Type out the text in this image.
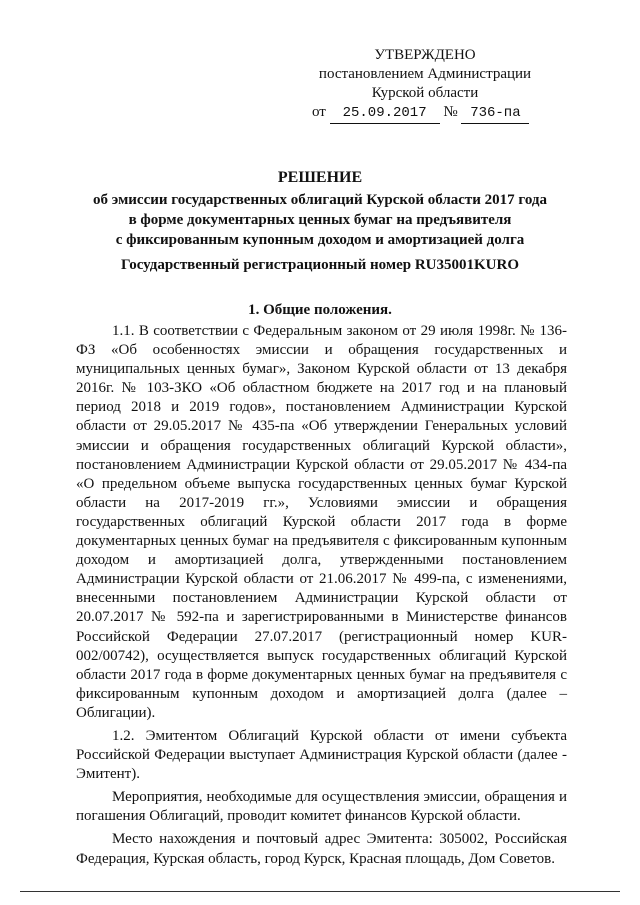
УТВЕРЖДЕНО
постановлением Администрации
Курской области
от 25.09.2017 № 736-па
РЕШЕНИЕ
об эмиссии государственных облигаций Курской области 2017 года
в форме документарных ценных бумаг на предъявителя
с фиксированным купонным доходом и амортизацией долга
Государственный регистрационный номер RU35001KURO
1. Общие положения.

1.1. В соответствии с Федеральным законом от 29 июля 1998г. № 136-ФЗ «Об особенностях эмиссии и обращения государственных и муниципальных ценных бумаг», Законом Курской области от 13 декабря 2016г. № 103-ЗКО «Об областном бюджете на 2017 год и на плановый период 2018 и 2019 годов», постановлением Администрации Курской области от 29.05.2017 № 435-па «Об утверждении Генеральных условий эмиссии и обращения государственных облигаций Курской области», постановлением Администрации Курской области от 29.05.2017 № 434-па «О предельном объеме выпуска государственных ценных бумаг Курской области на 2017-2019 гг.», Условиями эмиссии и обращения государственных облигаций Курской области 2017 года в форме документарных ценных бумаг на предъявителя с фиксированным купонным доходом и амортизацией долга, утвержденными постановлением Администрации Курской области от 21.06.2017 № 499-па, с изменениями, внесенными постановлением Администрации Курской области от 20.07.2017 № 592-па и зарегистрированными в Министерстве финансов Российской Федерации 27.07.2017 (регистрационный номер KUR-002/00742), осуществляется выпуск государственных облигаций Курской области 2017 года в форме документарных ценных бумаг на предъявителя с фиксированным купонным доходом и амортизацией долга (далее – Облигации).

1.2. Эмитентом Облигаций Курской области от имени субъекта Российской Федерации выступает Администрация Курской области (далее - Эмитент).

Мероприятия, необходимые для осуществления эмиссии, обращения и погашения Облигаций, проводит комитет финансов Курской области.

Место нахождения и почтовый адрес Эмитента: 305002, Российская Федерация, Курская область, город Курск, Красная площадь, Дом Советов.
